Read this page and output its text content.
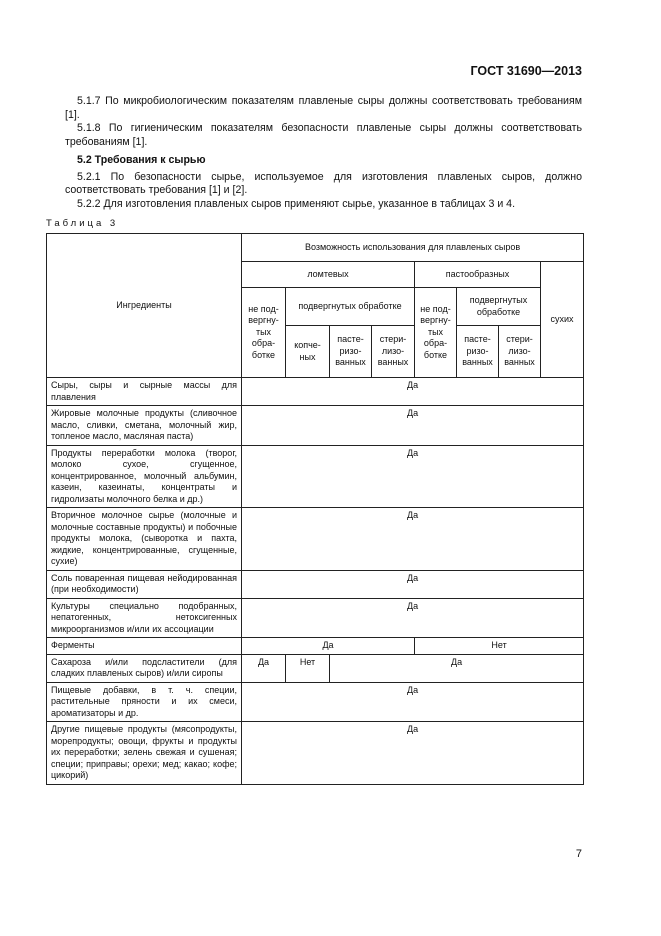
ГОСТ 31690—2013

5.1.7 По микробиологическим показателям плавленые сыры должны соответствовать требованиям [1].

5.1.8 По гигиеническим показателям безопасности плавленые сыры должны соответствовать требованиям [1].

5.2 Требования к сырью

5.2.1 По безопасности сырье, используемое для изготовления плавленых сыров, должно соответствовать требования [1] и [2].

5.2.2 Для изготовления плавленых сыров применяют сырье, указанное в таблицах 3 и 4.

Таблица 3
Ингредиенты	Возможность использования для плавленых сыров							
	ломтевых				пастообразных			сухих
	не под-вергну-тых обра-ботке	подвергнутых обработке			не под-вергну-тых обра-ботке	подвергнутых обработке		
		копче-ных	пасте-ризо-ванных	стери-лизо-ванных		пасте-ризо-ванных	стери-лизо-ванных	
Сыры, сыры и сырные массы для плавления	Да							
Жировые молочные продукты (сливочное масло, сливки, сметана, молочный жир, топленое масло, масляная паста)	Да							
Продукты переработки молока (творог, молоко сухое, сгущенное, концентрированное, молочный альбумин, казеин, казеинаты, концентраты и гидролизаты молочного белка и др.)	Да							
Вторичное молочное сырье (молочные и молочные составные продукты) и побочные продукты молока, (сыворотка и пахта, жидкие, концентрированные, сгущенные, сухие)	Да							
Соль поваренная пищевая нейодированная (при необходимости)	Да							
Культуры специально подобранных, непатогенных, нетоксигенных микроорганизмов и/или их ассоциации	Да							
Ферменты	Да				Нет			
Сахароза и/или подсластители (для сладких плавленых сыров) и/или сиропы	Да	Нет	Да					
Пищевые добавки, в т. ч. специи, растительные пряности и их смеси, ароматизаторы и др.	Да							
Другие пищевые продукты (мясопродукты, морепродукты; овощи, фрукты и продукты их переработки; зелень свежая и сушеная; специи; приправы; орехи; мед; какао; кофе; цикорий)	Да							
7
